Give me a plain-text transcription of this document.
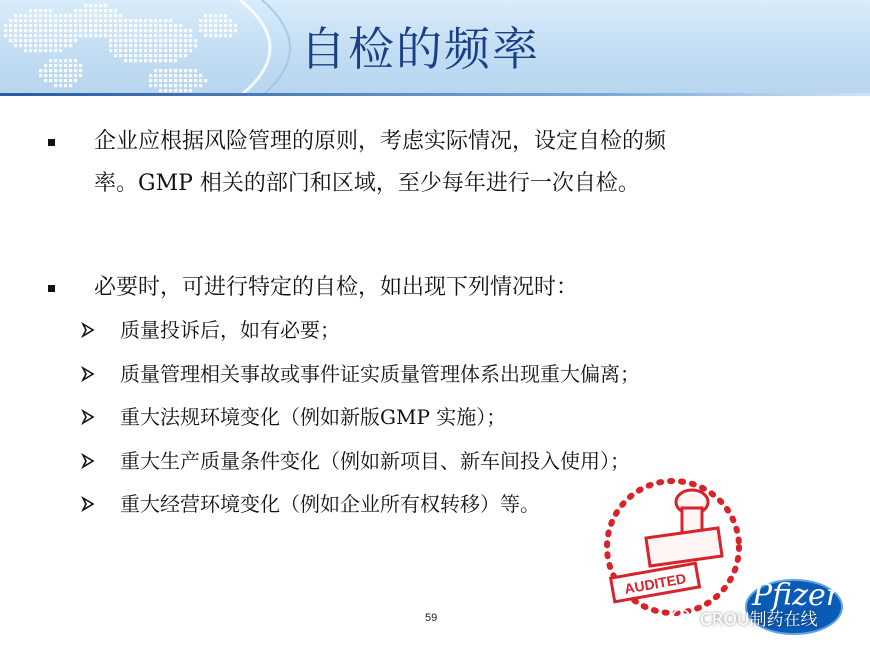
自检的频率
企业应根据风险管理的原则，考虑实际情况，设定自检的频
率。GMP 相关的部门和区域，至少每年进行一次自检。
必要时，可进行特定的自检，如出现下列情况时：
质量投诉后，如有必要；
质量管理相关事故或事件证实质量管理体系出现重大偏离；
重大法规环境变化（例如新版GMP 实施）；
重大生产质量条件变化（例如新项目、新车间投入使用）；
重大经营环境变化（例如企业所有权转移）等。
AUDITED Pfizer
59	CROU制药在线
